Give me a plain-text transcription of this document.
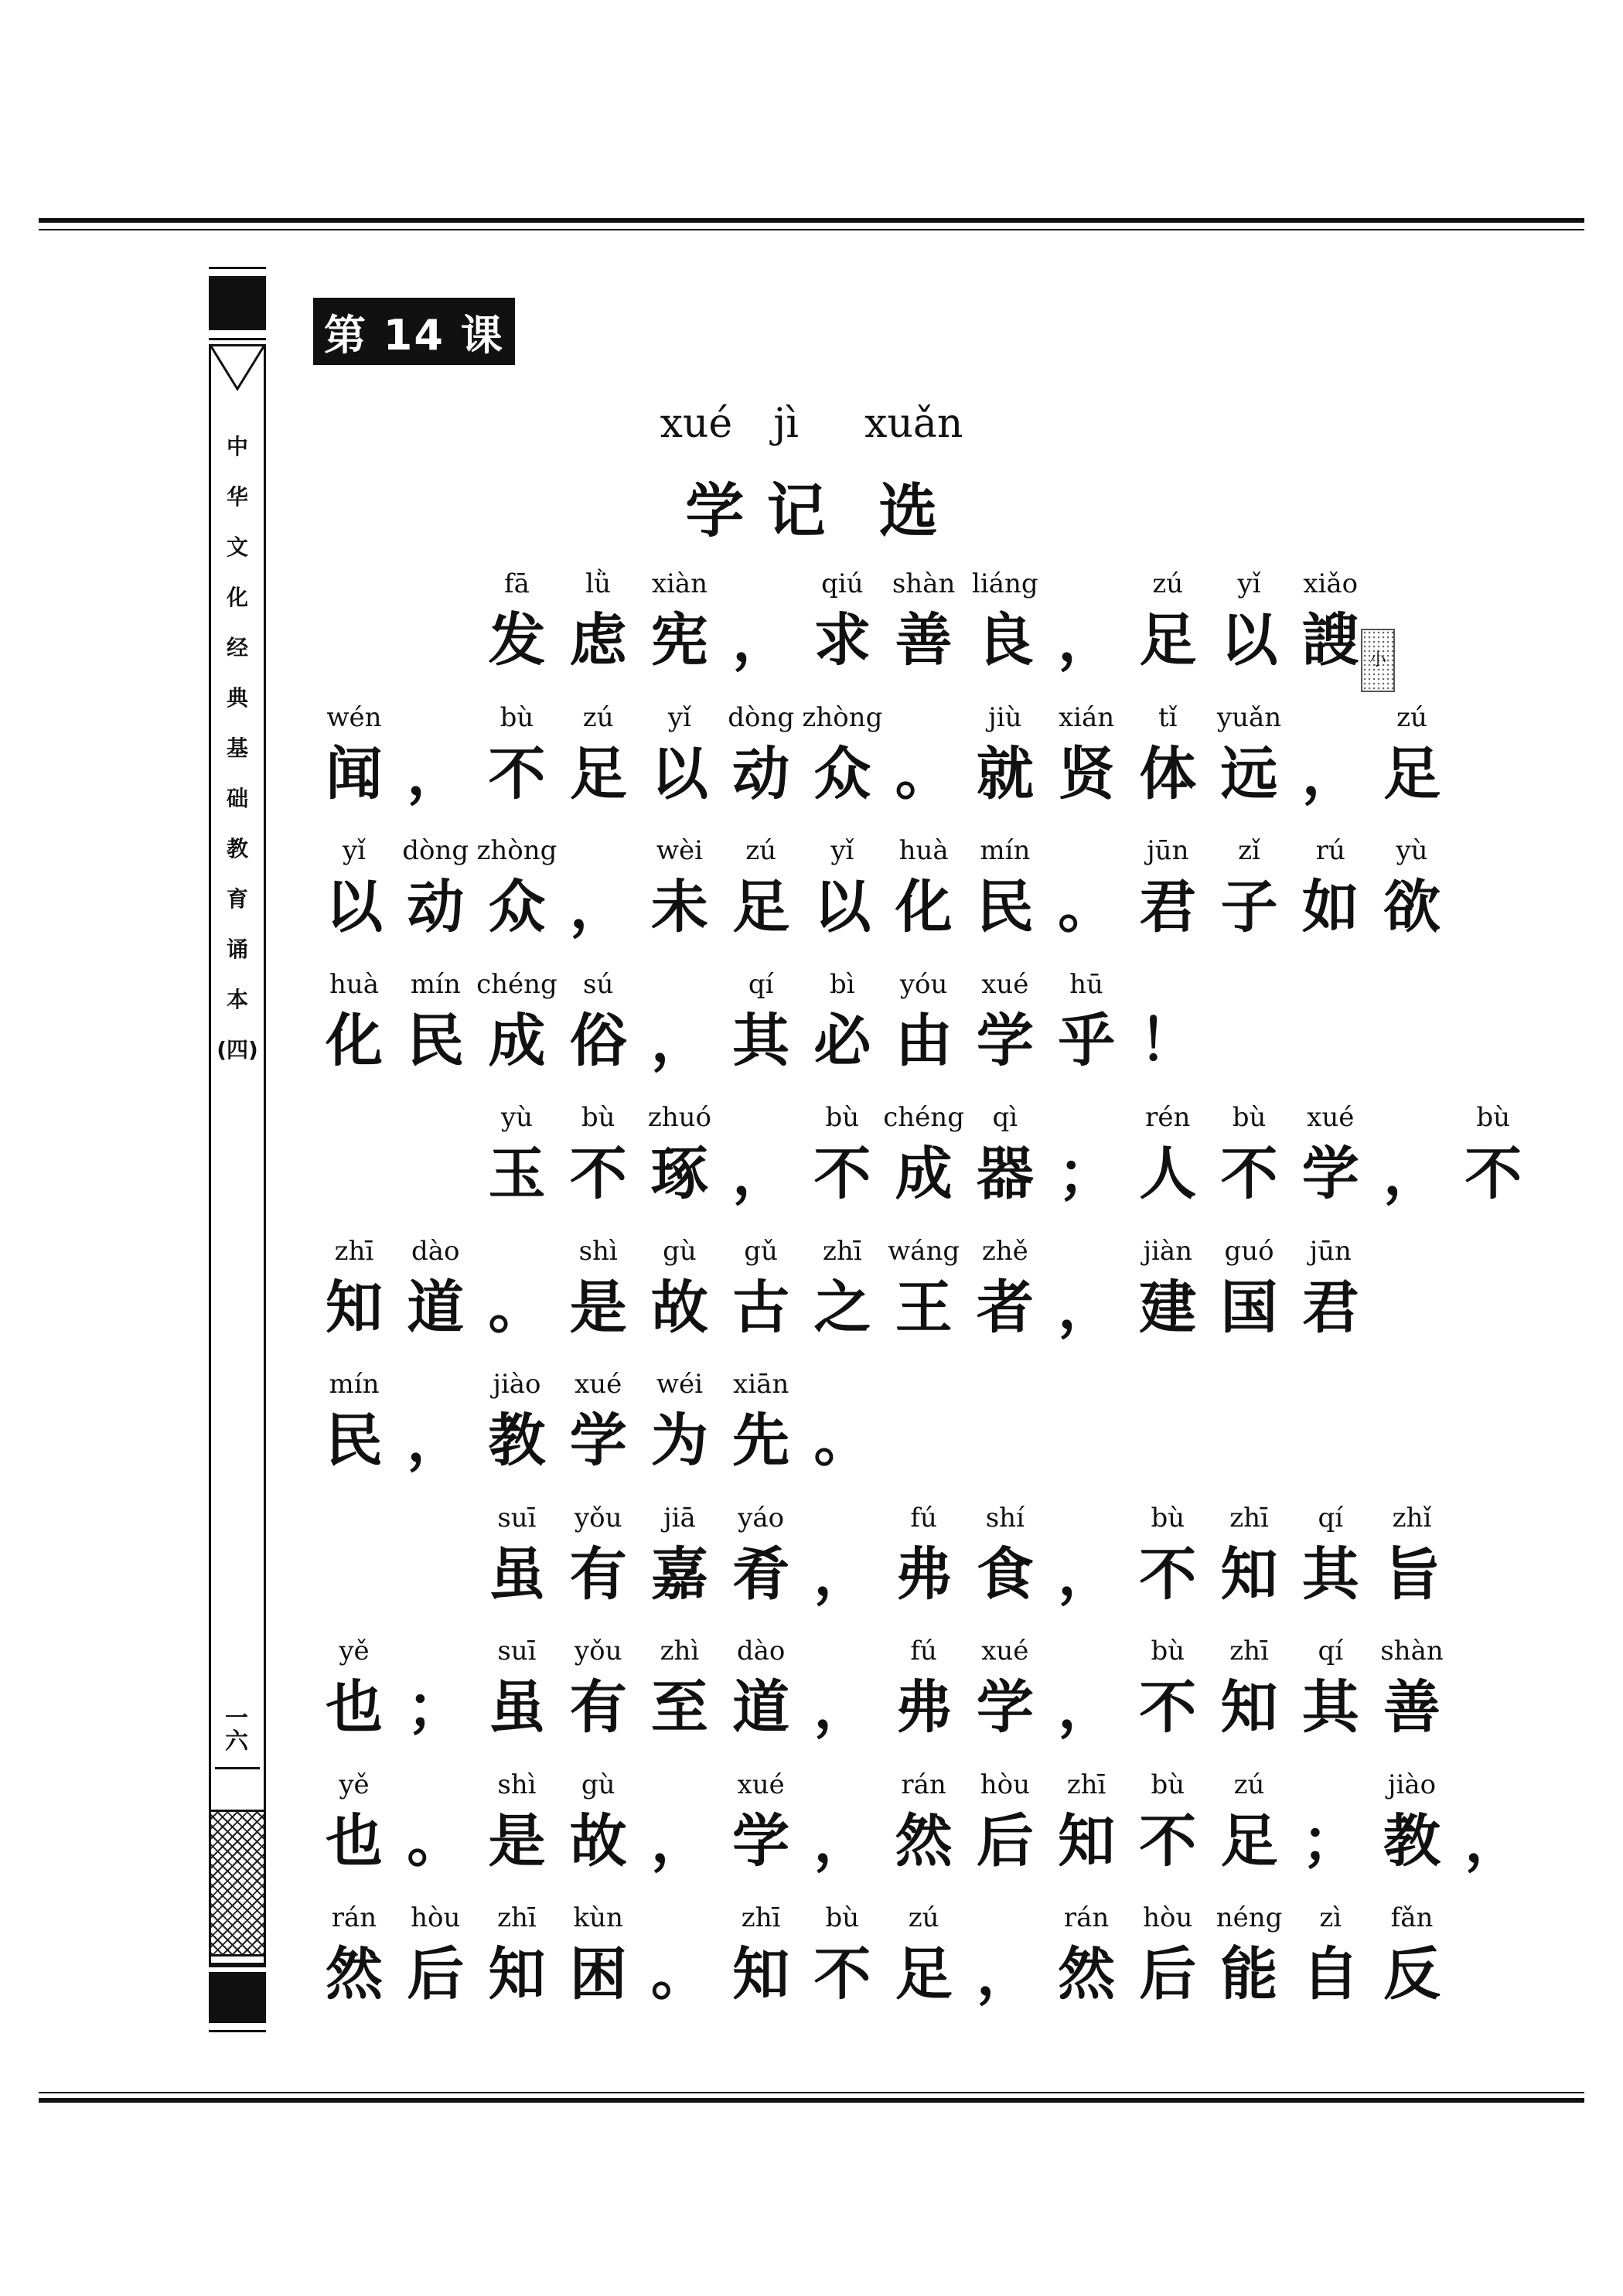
中
华
文
化
经
典
基
础
教
育
诵
本
(四)
一六
第 14 课
xué jì xuǎn
学 记 选
fā
发
lǜ
虑
xiàn
宪 ，
qiú
求
shàn
善
liáng
良 ，
zú
足
yǐ
以
xiǎo
謏 小
wén
闻 ，
bù
不
zú
足
yǐ
以
dòng
动
zhòng
众 。
jiù
就
xián
贤
tǐ
体
yuǎn
远 ，
zú
足
yǐ
以
dòng
动
zhòng
众 ，
wèi
未
zú
足
yǐ
以
huà
化
mín
民 。
jūn
君
zǐ
子
rú
如
yù
欲
huà
化
mín
民
chéng
成
sú
俗 ，
qí
其
bì
必
yóu
由
xué
学
hū
乎 ！
yù
玉
bù
不
zhuó
琢 ，
bù
不
chéng
成
qì
器 ；
rén
人
bù
不
xué
学 ，
bù
不
zhī
知
dào
道 。
shì
是
gù
故
gǔ
古
zhī
之
wáng
王
zhě
者 ，
jiàn
建
guó
国
jūn
君
mín
民 ，
jiào
教
xué
学
wéi
为
xiān
先 。
suī
虽
yǒu
有
jiā
嘉
yáo
肴 ，
fú
弗
shí
食 ，
bù
不
zhī
知
qí
其
zhǐ
旨
yě
也 ；
suī
虽
yǒu
有
zhì
至
dào
道 ，
fú
弗
xué
学 ，
bù
不
zhī
知
qí
其
shàn
善
yě
也 。
shì
是
gù
故 ，
xué
学 ，
rán
然
hòu
后
zhī
知
bù
不
zú
足 ；
jiào
教 ，
rán
然
hòu
后
zhī
知
kùn
困 。
zhī
知
bù
不
zú
足 ，
rán
然
hòu
后
néng
能
zì
自
fǎn
反
